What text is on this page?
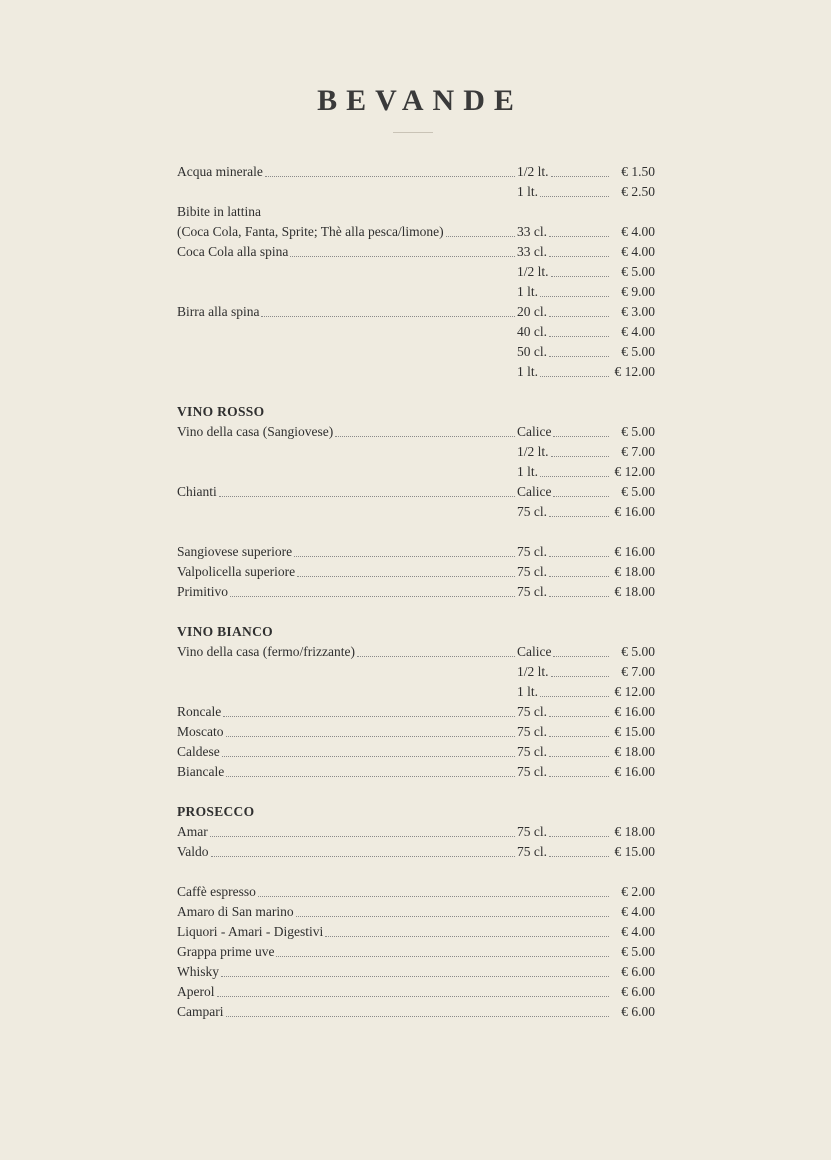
BEVANDE
Acqua minerale	1/2 lt.	€ 1.50
1 lt.	€ 2.50
Bibite in lattina
(Coca Cola, Fanta, Sprite; Thè alla pesca/limone)	33 cl.	€ 4.00
Coca Cola alla spina	33 cl.	€ 4.00
1/2 lt.	€ 5.00
1 lt.	€ 9.00
Birra alla spina	20 cl.	€ 3.00
40 cl.	€ 4.00
50 cl.	€ 5.00
1 lt.	€ 12.00
VINO ROSSO
Vino della casa (Sangiovese)	Calice	€ 5.00
1/2 lt.	€ 7.00
1 lt.	€ 12.00
Chianti	Calice	€ 5.00
75 cl.	€ 16.00
Sangiovese superiore	75 cl.	€ 16.00
Valpolicella superiore	75 cl.	€ 18.00
Primitivo	75 cl.	€ 18.00
VINO BIANCO
Vino della casa (fermo/frizzante)	Calice	€ 5.00
1/2 lt.	€ 7.00
1 lt.	€ 12.00
Roncale	75 cl.	€ 16.00
Moscato	75 cl.	€ 15.00
Caldese	75 cl.	€ 18.00
Biancale	75 cl.	€ 16.00
PROSECCO
Amar	75 cl.	€ 18.00
Valdo	75 cl.	€ 15.00
Caffè espresso	€ 2.00
Amaro di San marino	€ 4.00
Liquori - Amari - Digestivi	€ 4.00
Grappa prime uve	€ 5.00
Whisky	€ 6.00
Aperol	€ 6.00
Campari	€ 6.00
